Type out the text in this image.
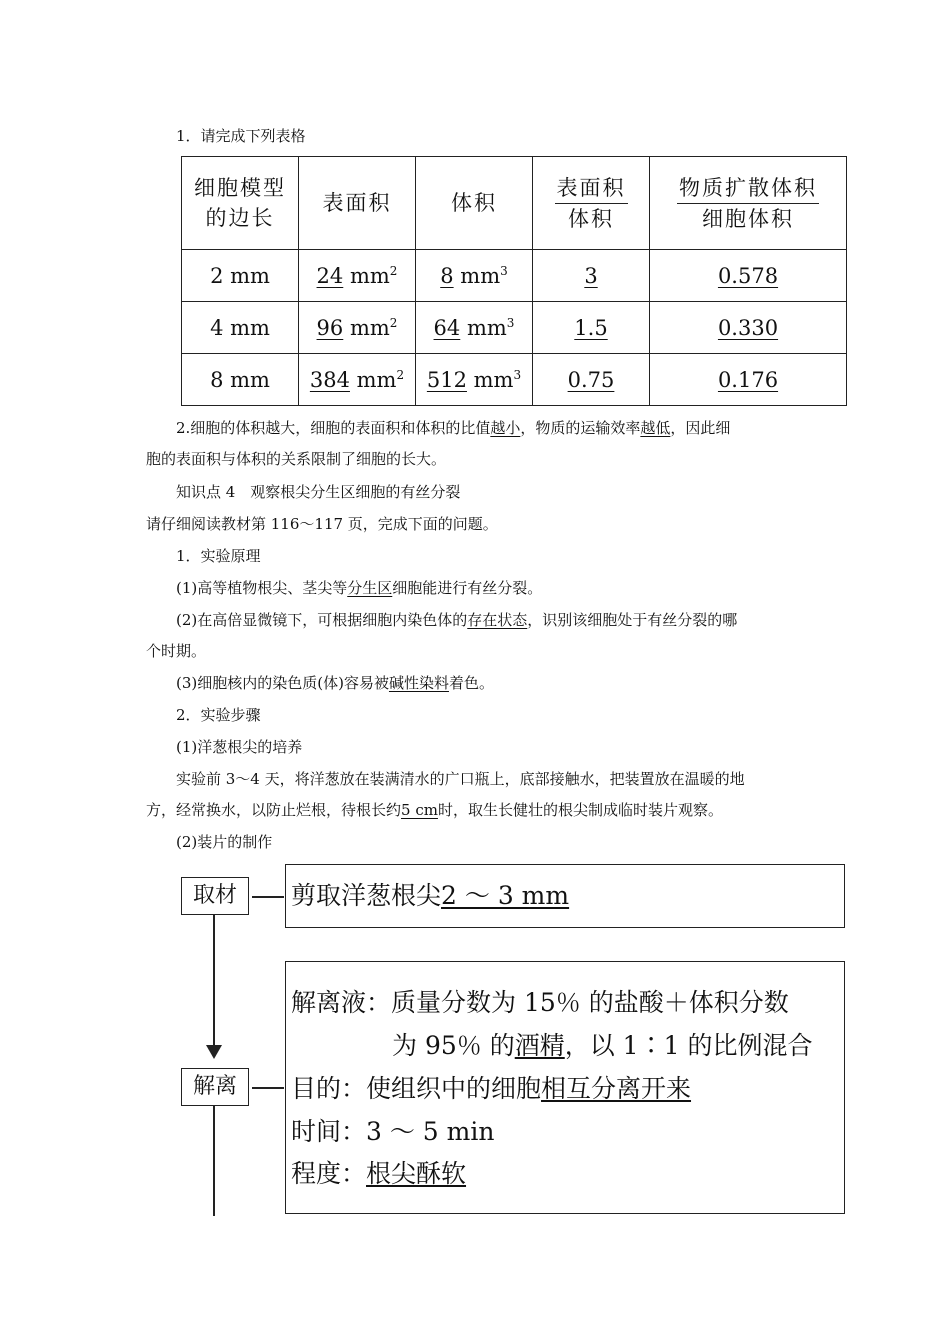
1．请完成下列表格
细胞模型
的边长	表面积	体积	$\frac{\text{表面积}}{\text{体积}}$	$\frac{\text{物质扩散体积}}{\text{细胞体积}}$

2 mm	24 $mm^2$	8 $mm^3$	3	0.578
4 mm	96 $mm^2$	64 $mm^3$	1.5	0.330
8 mm	384 $mm^2$	512 $mm^3$	0.75	0.176
2.细胞的体积越大，细胞的表面积和体积的比值越小，物质的运输效率越低，因此细
胞的表面积与体积的关系限制了细胞的长大。
知识点 4　观察根尖分生区细胞的有丝分裂
请仔细阅读教材第 116～117 页，完成下面的问题。
1．实验原理
(1)高等植物根尖、茎尖等分生区细胞能进行有丝分裂。
(2)在高倍显微镜下，可根据细胞内染色体的存在状态，识别该细胞处于有丝分裂的哪
个时期。
(3)细胞核内的染色质(体)容易被碱性染料着色。
2．实验步骤
(1)洋葱根尖的培养
实验前 3～4 天，将洋葱放在装满清水的广口瓶上，底部接触水，把装置放在温暖的地
方，经常换水，以防止烂根，待根长约5 cm时，取生长健壮的根尖制成临时装片观察。
(2)装片的制作
取材	剪取洋葱根尖2 ～ 3 mm
解离
解离液：质量分数为 15％ 的盐酸＋体积分数
为 95％ 的酒精，以 1∶1 的比例混合
目的：使组织中的细胞相互分离开来
时间：3 ～ 5 min
程度：根尖酥软
